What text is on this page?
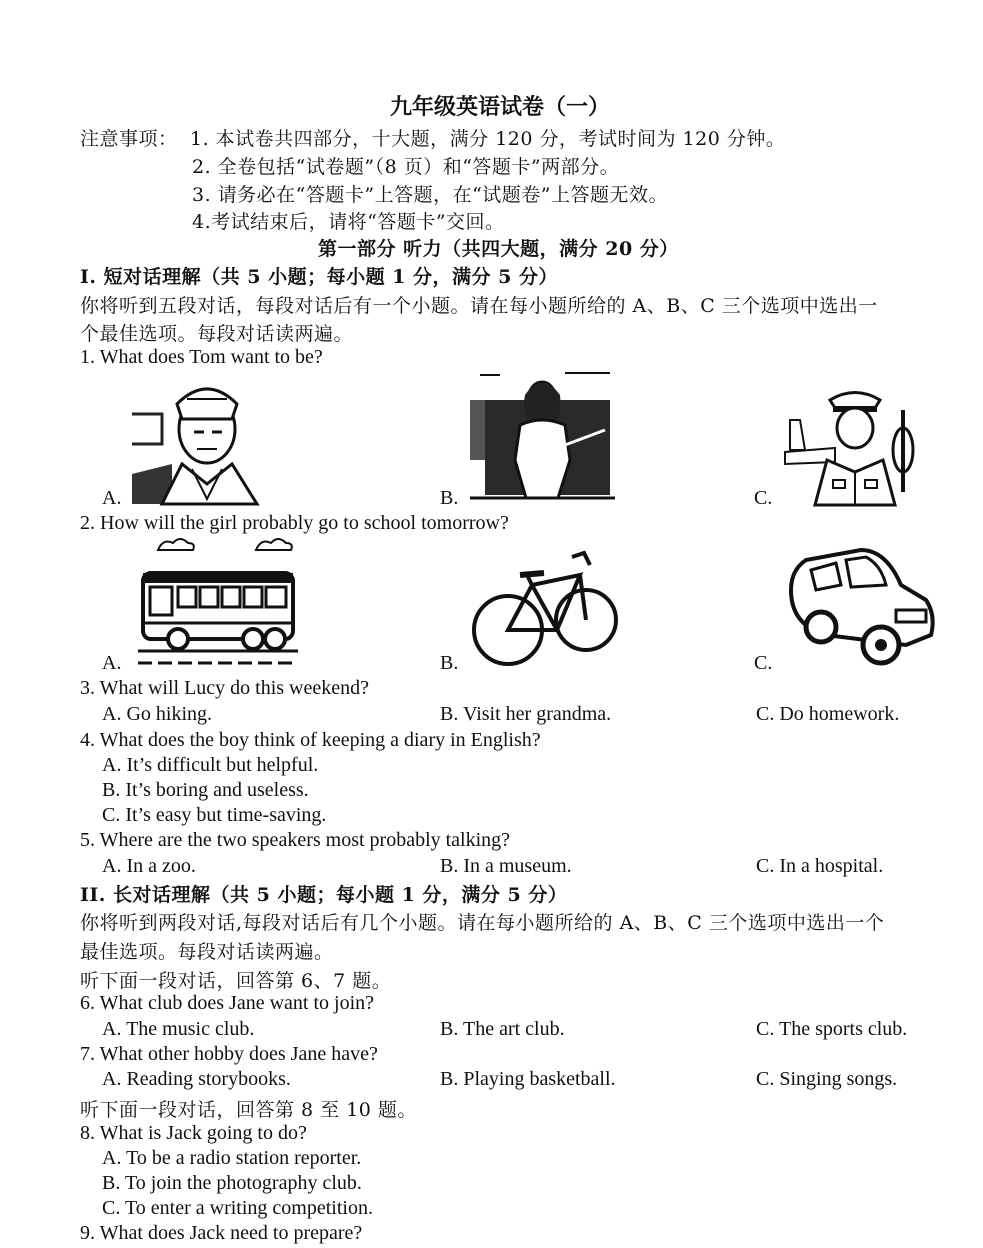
九年级英语试卷（一）
注意事项： 1. 本试卷共四部分，十大题，满分 120 分，考试时间为 120 分钟。
2. 全卷包括“试卷题”（8 页）和“答题卡”两部分。
3. 请务必在“答题卡”上答题，在“试题卷”上答题无效。
4.考试结束后，请将“答题卡”交回。
第一部分 听力（共四大题，满分 20 分）
I. 短对话理解（共 5 小题；每小题 1 分，满分 5 分）
你将听到五段对话，每段对话后有一个小题。请在每小题所给的 A、B、C 三个选项中选出一
个最佳选项。每段对话读两遍。
1. What does Tom want to be?
A.	B.	C.
2. How will the girl probably go to school tomorrow?
A.	B.	C.
3. What will Lucy do this weekend?
A. Go hiking.	B. Visit her grandma.	C. Do homework.
4. What does the boy think of keeping a diary in English?
A. It’s difficult but helpful.
B. It’s boring and useless.
C. It’s easy but time-saving.
5. Where are the two speakers most probably talking?
A. In a zoo.	B. In a museum.	C. In a hospital.
II. 长对话理解（共 5 小题；每小题 1 分，满分 5 分）
你将听到两段对话,每段对话后有几个小题。请在每小题所给的 A、B、C 三个选项中选出一个
最佳选项。每段对话读两遍。
听下面一段对话，回答第 6、7 题。
6. What club does Jane want to join?
A. The music club.	B. The art club.	C. The sports club.
7. What other hobby does Jane have?
A. Reading storybooks.	B. Playing basketball.	C. Singing songs.
听下面一段对话，回答第 8 至 10 题。
8. What is Jack going to do?
A. To be a radio station reporter.
B. To join the photography club.
C. To enter a writing competition.
9. What does Jack need to prepare?
